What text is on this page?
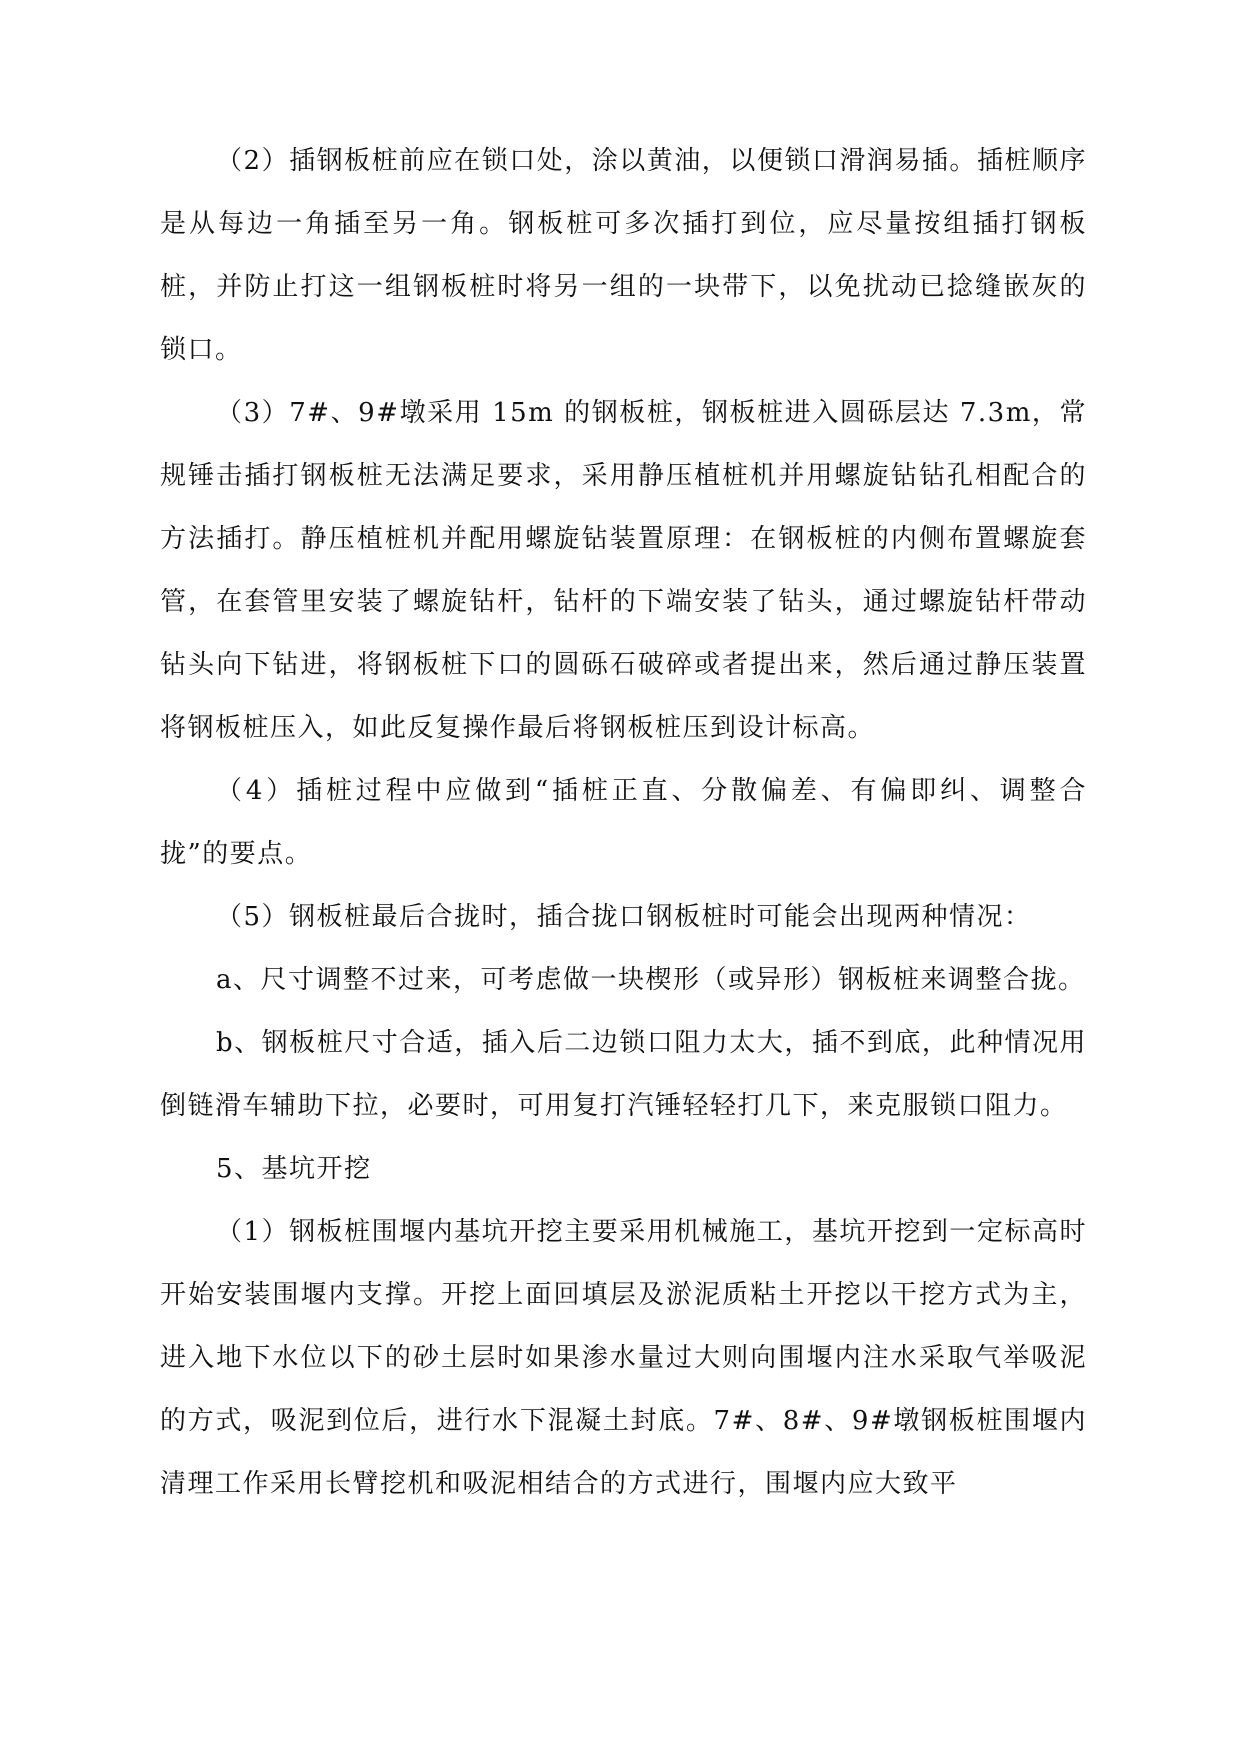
（2）插钢板桩前应在锁口处，涂以黄油，以便锁口滑润易插。插桩顺序是从每边一角插至另一角。钢板桩可多次插打到位，应尽量按组插打钢板桩，并防止打这一组钢板桩时将另一组的一块带下，以免扰动已捻缝嵌灰的锁口。

（3）7#、9#墩采用 15m 的钢板桩，钢板桩进入圆砾层达 7.3m，常规锤击插打钢板桩无法满足要求，采用静压植桩机并用螺旋钻钻孔相配合的方法插打。静压植桩机并配用螺旋钻装置原理：在钢板桩的内侧布置螺旋套管，在套管里安装了螺旋钻杆，钻杆的下端安装了钻头，通过螺旋钻杆带动钻头向下钻进，将钢板桩下口的圆砾石破碎或者提出来，然后通过静压装置将钢板桩压入，如此反复操作最后将钢板桩压到设计标高。

（4）插桩过程中应做到“插桩正直、分散偏差、有偏即纠、调整合拢”的要点。

（5）钢板桩最后合拢时，插合拢口钢板桩时可能会出现两种情况：

a、尺寸调整不过来，可考虑做一块楔形（或异形）钢板桩来调整合拢。

b、钢板桩尺寸合适，插入后二边锁口阻力太大，插不到底，此种情况用倒链滑车辅助下拉，必要时，可用复打汽锤轻轻打几下，来克服锁口阻力。

5、基坑开挖

（1）钢板桩围堰内基坑开挖主要采用机械施工，基坑开挖到一定标高时开始安装围堰内支撑。开挖上面回填层及淤泥质粘土开挖以干挖方式为主，进入地下水位以下的砂土层时如果渗水量过大则向围堰内注水采取气举吸泥的方式，吸泥到位后，进行水下混凝土封底。7#、8#、9#墩钢板桩围堰内清理工作采用长臂挖机和吸泥相结合的方式进行，围堰内应大致平
